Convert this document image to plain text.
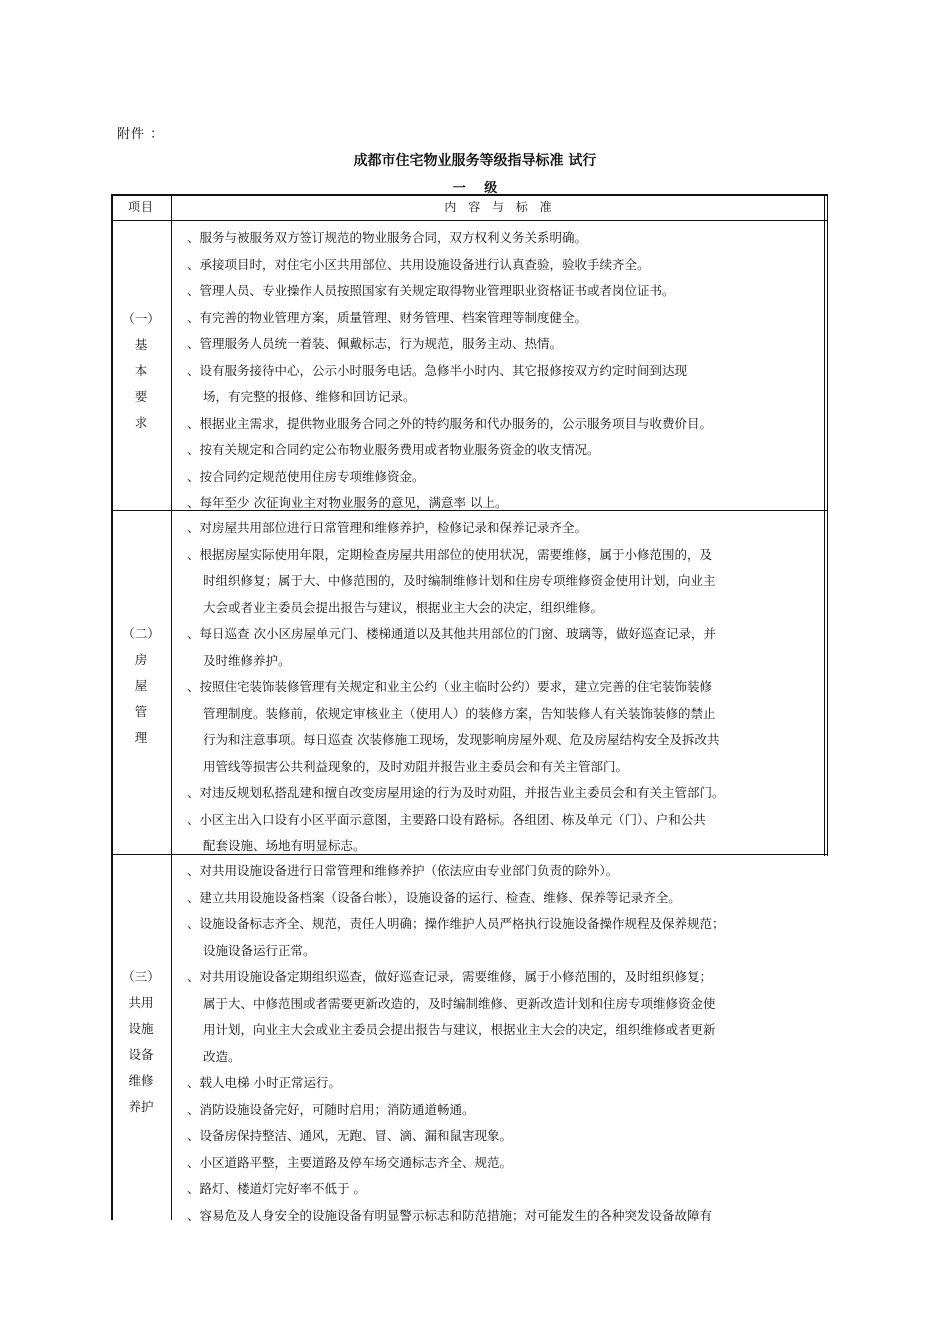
附件 ：
成都市住宅物业服务等级指导标准 试行
一 级
项目	内 容 与 标 准
（一）
基
本
要
求
（二）
房
屋
管
理
（三）
共用
设施
设备
维修
养护
、服务与被服务双方签订规范的物业服务合同，双方权利义务关系明确。
、承接项目时，对住宅小区共用部位、共用设施设备进行认真查验，验收手续齐全。
、管理人员、专业操作人员按照国家有关规定取得物业管理职业资格证书或者岗位证书。
、有完善的物业管理方案，质量管理、财务管理、档案管理等制度健全。
、管理服务人员统一着装、佩戴标志，行为规范，服务主动、热情。
、设有服务接待中心，公示小时服务电话。急修半小时内、其它报修按双方约定时间到达现
场，有完整的报修、维修和回访记录。
、根据业主需求，提供物业服务合同之外的特约服务和代办服务的，公示服务项目与收费价目。
、按有关规定和合同约定公布物业服务费用或者物业服务资金的收支情况。
、按合同约定规范使用住房专项维修资金。
、每年至少 次征询业主对物业服务的意见，满意率 以上。
、对房屋共用部位进行日常管理和维修养护，检修记录和保养记录齐全。
、根据房屋实际使用年限，定期检查房屋共用部位的使用状况，需要维修，属于小修范围的，及
时组织修复；属于大、中修范围的，及时编制维修计划和住房专项维修资金使用计划，向业主
大会或者业主委员会提出报告与建议，根据业主大会的决定，组织维修。
、每日巡查 次小区房屋单元门、楼梯通道以及其他共用部位的门窗、玻璃等，做好巡查记录，并
及时维修养护。
、按照住宅装饰装修管理有关规定和业主公约（业主临时公约）要求，建立完善的住宅装饰装修
管理制度。装修前，依规定审核业主（使用人）的装修方案，告知装修人有关装饰装修的禁止
行为和注意事项。每日巡查 次装修施工现场，发现影响房屋外观、危及房屋结构安全及拆改共
用管线等损害公共利益现象的，及时劝阻并报告业主委员会和有关主管部门。
、对违反规划私搭乱建和擅自改变房屋用途的行为及时劝阻，并报告业主委员会和有关主管部门。
、小区主出入口设有小区平面示意图，主要路口设有路标。各组团、栋及单元（门）、户和公共
配套设施、场地有明显标志。
、对共用设施设备进行日常管理和维修养护（依法应由专业部门负责的除外）。
、建立共用设施设备档案（设备台帐），设施设备的运行、检查、维修、保养等记录齐全。
、设施设备标志齐全、规范，责任人明确；操作维护人员严格执行设施设备操作规程及保养规范；
设施设备运行正常。
、对共用设施设备定期组织巡查，做好巡查记录，需要维修，属于小修范围的，及时组织修复；
属于大、中修范围或者需要更新改造的，及时编制维修、更新改造计划和住房专项维修资金使
用计划，向业主大会或业主委员会提出报告与建议，根据业主大会的决定，组织维修或者更新
改造。
、载人电梯 小时正常运行。
、消防设施设备完好，可随时启用；消防通道畅通。
、设备房保持整洁、通风，无跑、冒、滴、漏和鼠害现象。
、小区道路平整，主要道路及停车场交通标志齐全、规范。
、路灯、楼道灯完好率不低于 。
、容易危及人身安全的设施设备有明显警示标志和防范措施；对可能发生的各种突发设备故障有
